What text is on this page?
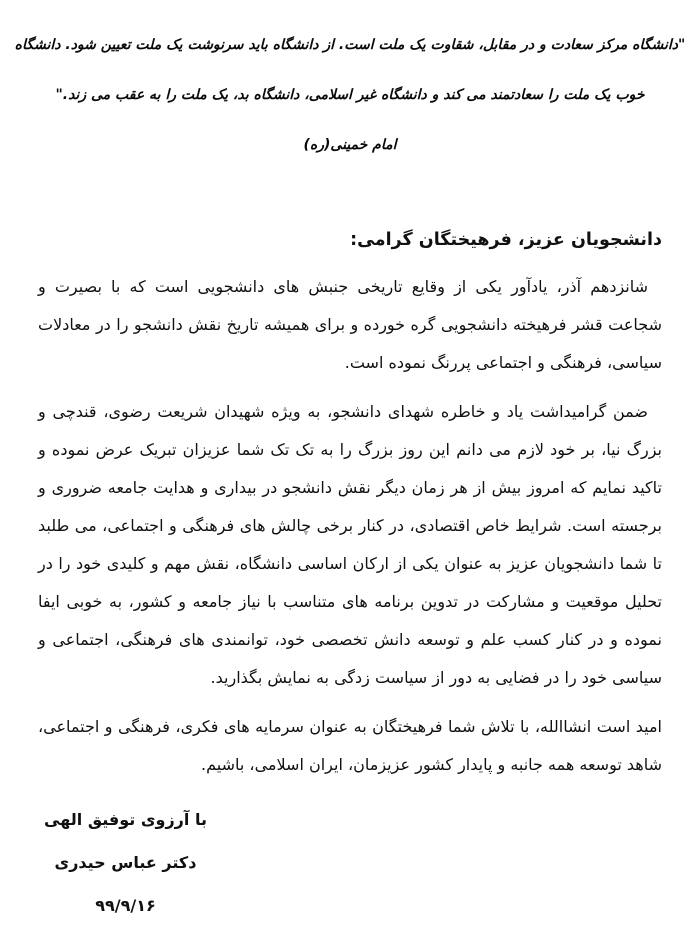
"دانشگاه مرکز سعادت و در مقابل، شقاوت یک ملت است. از دانشگاه باید سرنوشت یک ملت تعیین شود. دانشگاه خوب یک ملت را سعادتمند می کند و دانشگاه غیر اسلامی، دانشگاه بد، یک ملت را به عقب می زند." امام خمینی(ره)
دانشجویان عزیز، فرهیختگان گرامی:

شانزدهم آذر، یادآور یکی از وقایع تاریخی جنبش های دانشجویی است که با بصیرت و شجاعت قشر فرهیخته دانشجویی گره خورده و برای همیشه تاریخ نقش دانشجو را در معادلات سیاسی، فرهنگی و اجتماعی پررنگ نموده است.

ضمن گرامیداشت یاد و خاطره شهدای دانشجو، به ویژه شهیدان شریعت رضوی، قندچی و بزرگ نیا، بر خود لازم می دانم این روز بزرگ را به تک تک شما عزیزان تبریک عرض نموده و تاکید نمایم که امروز بیش از هر زمان دیگر نقش دانشجو در بیداری و هدایت جامعه ضروری و برجسته است. شرایط خاص اقتصادی، در کنار برخی چالش های فرهنگی و اجتماعی، می طلبد تا شما دانشجویان عزیز به عنوان یکی از ارکان اساسی دانشگاه، نقش مهم و کلیدی خود را در تحلیل موقعیت و مشارکت در تدوین برنامه های متناسب با نیاز جامعه و کشور، به خوبی ایفا نموده و در کنار کسب علم و توسعه دانش تخصصی خود، توانمندی های فرهنگی، اجتماعی و سیاسی خود را در فضایی به دور از سیاست زدگی به نمایش بگذارید.

امید است انشاالله، با تلاش شما فرهیختگان به عنوان سرمایه های فکری، فرهنگی و اجتماعی، شاهد توسعه همه جانبه و پایدار کشور عزیزمان، ایران اسلامی، باشیم.

با آرزوی توفیق الهی
دکتر عباس حیدری
۹۹/۹/۱۶
